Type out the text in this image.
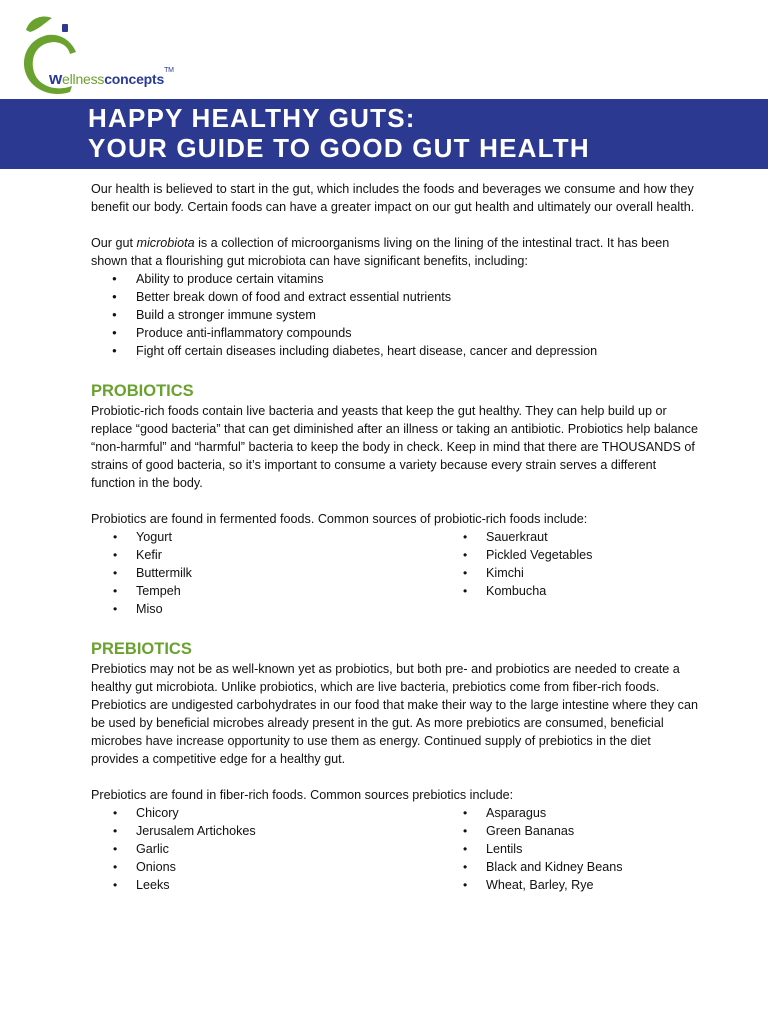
wellnessconcepts™
HAPPY HEALTHY GUTS:
YOUR GUIDE TO GOOD GUT HEALTH

Our health is believed to start in the gut, which includes the foods and beverages we consume and how they benefit our body. Certain foods can have a greater impact on our gut health and ultimately our overall health.

Our gut microbiota is a collection of microorganisms living on the lining of the intestinal tract. It has been shown that a flourishing gut microbiota can have significant benefits, including:

● Ability to produce certain vitamins
● Better break down of food and extract essential nutrients
● Build a stronger immune system
● Produce anti-inflammatory compounds
● Fight off certain diseases including diabetes, heart disease, cancer and depression
PROBIOTICS

Probiotic-rich foods contain live bacteria and yeasts that keep the gut healthy. They can help build up or replace “good bacteria” that can get diminished after an illness or taking an antibiotic. Probiotics help balance “non-harmful” and “harmful” bacteria to keep the body in check. Keep in mind that there are THOUSANDS of strains of good bacteria, so it’s important to consume a variety because every strain serves a different function in the body.

Probiotics are found in fermented foods. Common sources of probiotic-rich foods include:

• Yogurt
• Kefir
• Buttermilk
• Tempeh
• Miso
• Sauerkraut
• Pickled Vegetables
• Kimchi
• Kombucha
PREBIOTICS

Prebiotics may not be as well-known yet as probiotics, but both pre- and probiotics are needed to create a healthy gut microbiota. Unlike probiotics, which are live bacteria, prebiotics come from fiber-rich foods. Prebiotics are undigested carbohydrates in our food that make their way to the large intestine where they can be used by beneficial microbes already present in the gut. As more prebiotics are consumed, beneficial microbes have increase opportunity to use them as energy. Continued supply of prebiotics in the diet provides a competitive edge for a healthy gut.

Prebiotics are found in fiber-rich foods. Common sources prebiotics include:

• Chicory
• Jerusalem Artichokes
• Garlic
• Onions
• Leeks
• Asparagus
• Green Bananas
• Lentils
• Black and Kidney Beans
• Wheat, Barley, Rye
